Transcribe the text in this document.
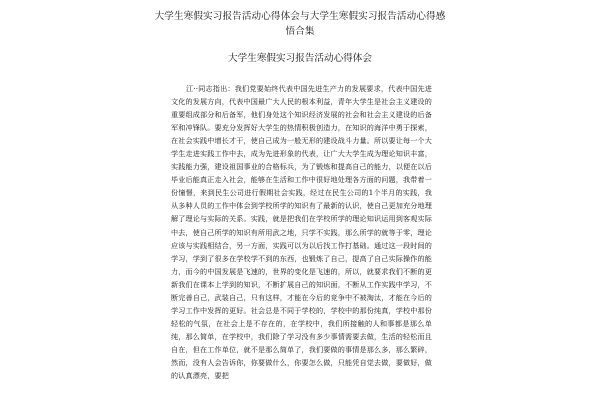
大学生寒假实习报告活动心得体会与大学生寒假实习报告活动心得感悟合集
大学生寒假实习报告活动心得体会

江··同志指出：我们党要始终代表中国先进生产力的发展要求，代表中国先进文化的发展方向，代表中国最广大人民的根本利益，青年大学生是社会主义建设的重要组成部分和后备军，他们身处这个知识经济发展的社会和社会主义建设的后备军和冲锋队。要充分发挥好大学生的热情积极创造力，在知识的海洋中勇于探索，在社会实践中增长才干，使自己成为一般无形的建设战斗力量。所以要让每一个大学生走进实践工作中去，成为先进形象的代表，让广大大学生成为理论知识丰富，实践能力强，建设祖国事业的合格标兵，为了锻炼和提高自己的能力，以便在以后毕业后能真正走入社会，能够在生活和工作中很好地处理各方面的问题，我带着一份憧憬，来到民生公司进行假期社会实践，经过在民生公司的1个半月的实践，我从多种人员的工作中体会到学校所学的知识有了最新的认识，使自己更加充分地理解了理论与实际的关系。实践，就是把我们在学校所学的理论知识运用到客观实际中去，使自己所学的知识有所用武之地，只学不实践，那么所学的就等于零，理论应该与实践相结合，另一方面，实践可以为以后找工作打基础。通过这一段时间的学习，学到了很多在学校学不到的东西，也锻炼了自己，提高了自己实际操作的能力，而今的中国发展是飞速的，世界的变化是飞速的，所以，就要求我们不断的更新我们在课本上学到的知识，不断扩展自己的知识面，不断从工作实践中学习，不断完善自己，武装自己，只有这样，才能在今后的竞争中不被淘汰，才能在今后的学习工作中发挥的更好。社会总是不同于学校的，学校中的那份纯真，学校中那份轻松的气氛，在社会上是不存在的，在学校中，我们所接触的人和事都是那么单纯，那么简单，在学校中，我们除了学习没有多少事情需要去做，生活的轻松而且自在，但在工作单位，就不是那么简单了，我们要做的事情是那么多，那么繁碎，然而，没有人会告诉你，你要做什么，你要怎么做，只能凭自觉去做，要做好，做的认真漂亮，要把
